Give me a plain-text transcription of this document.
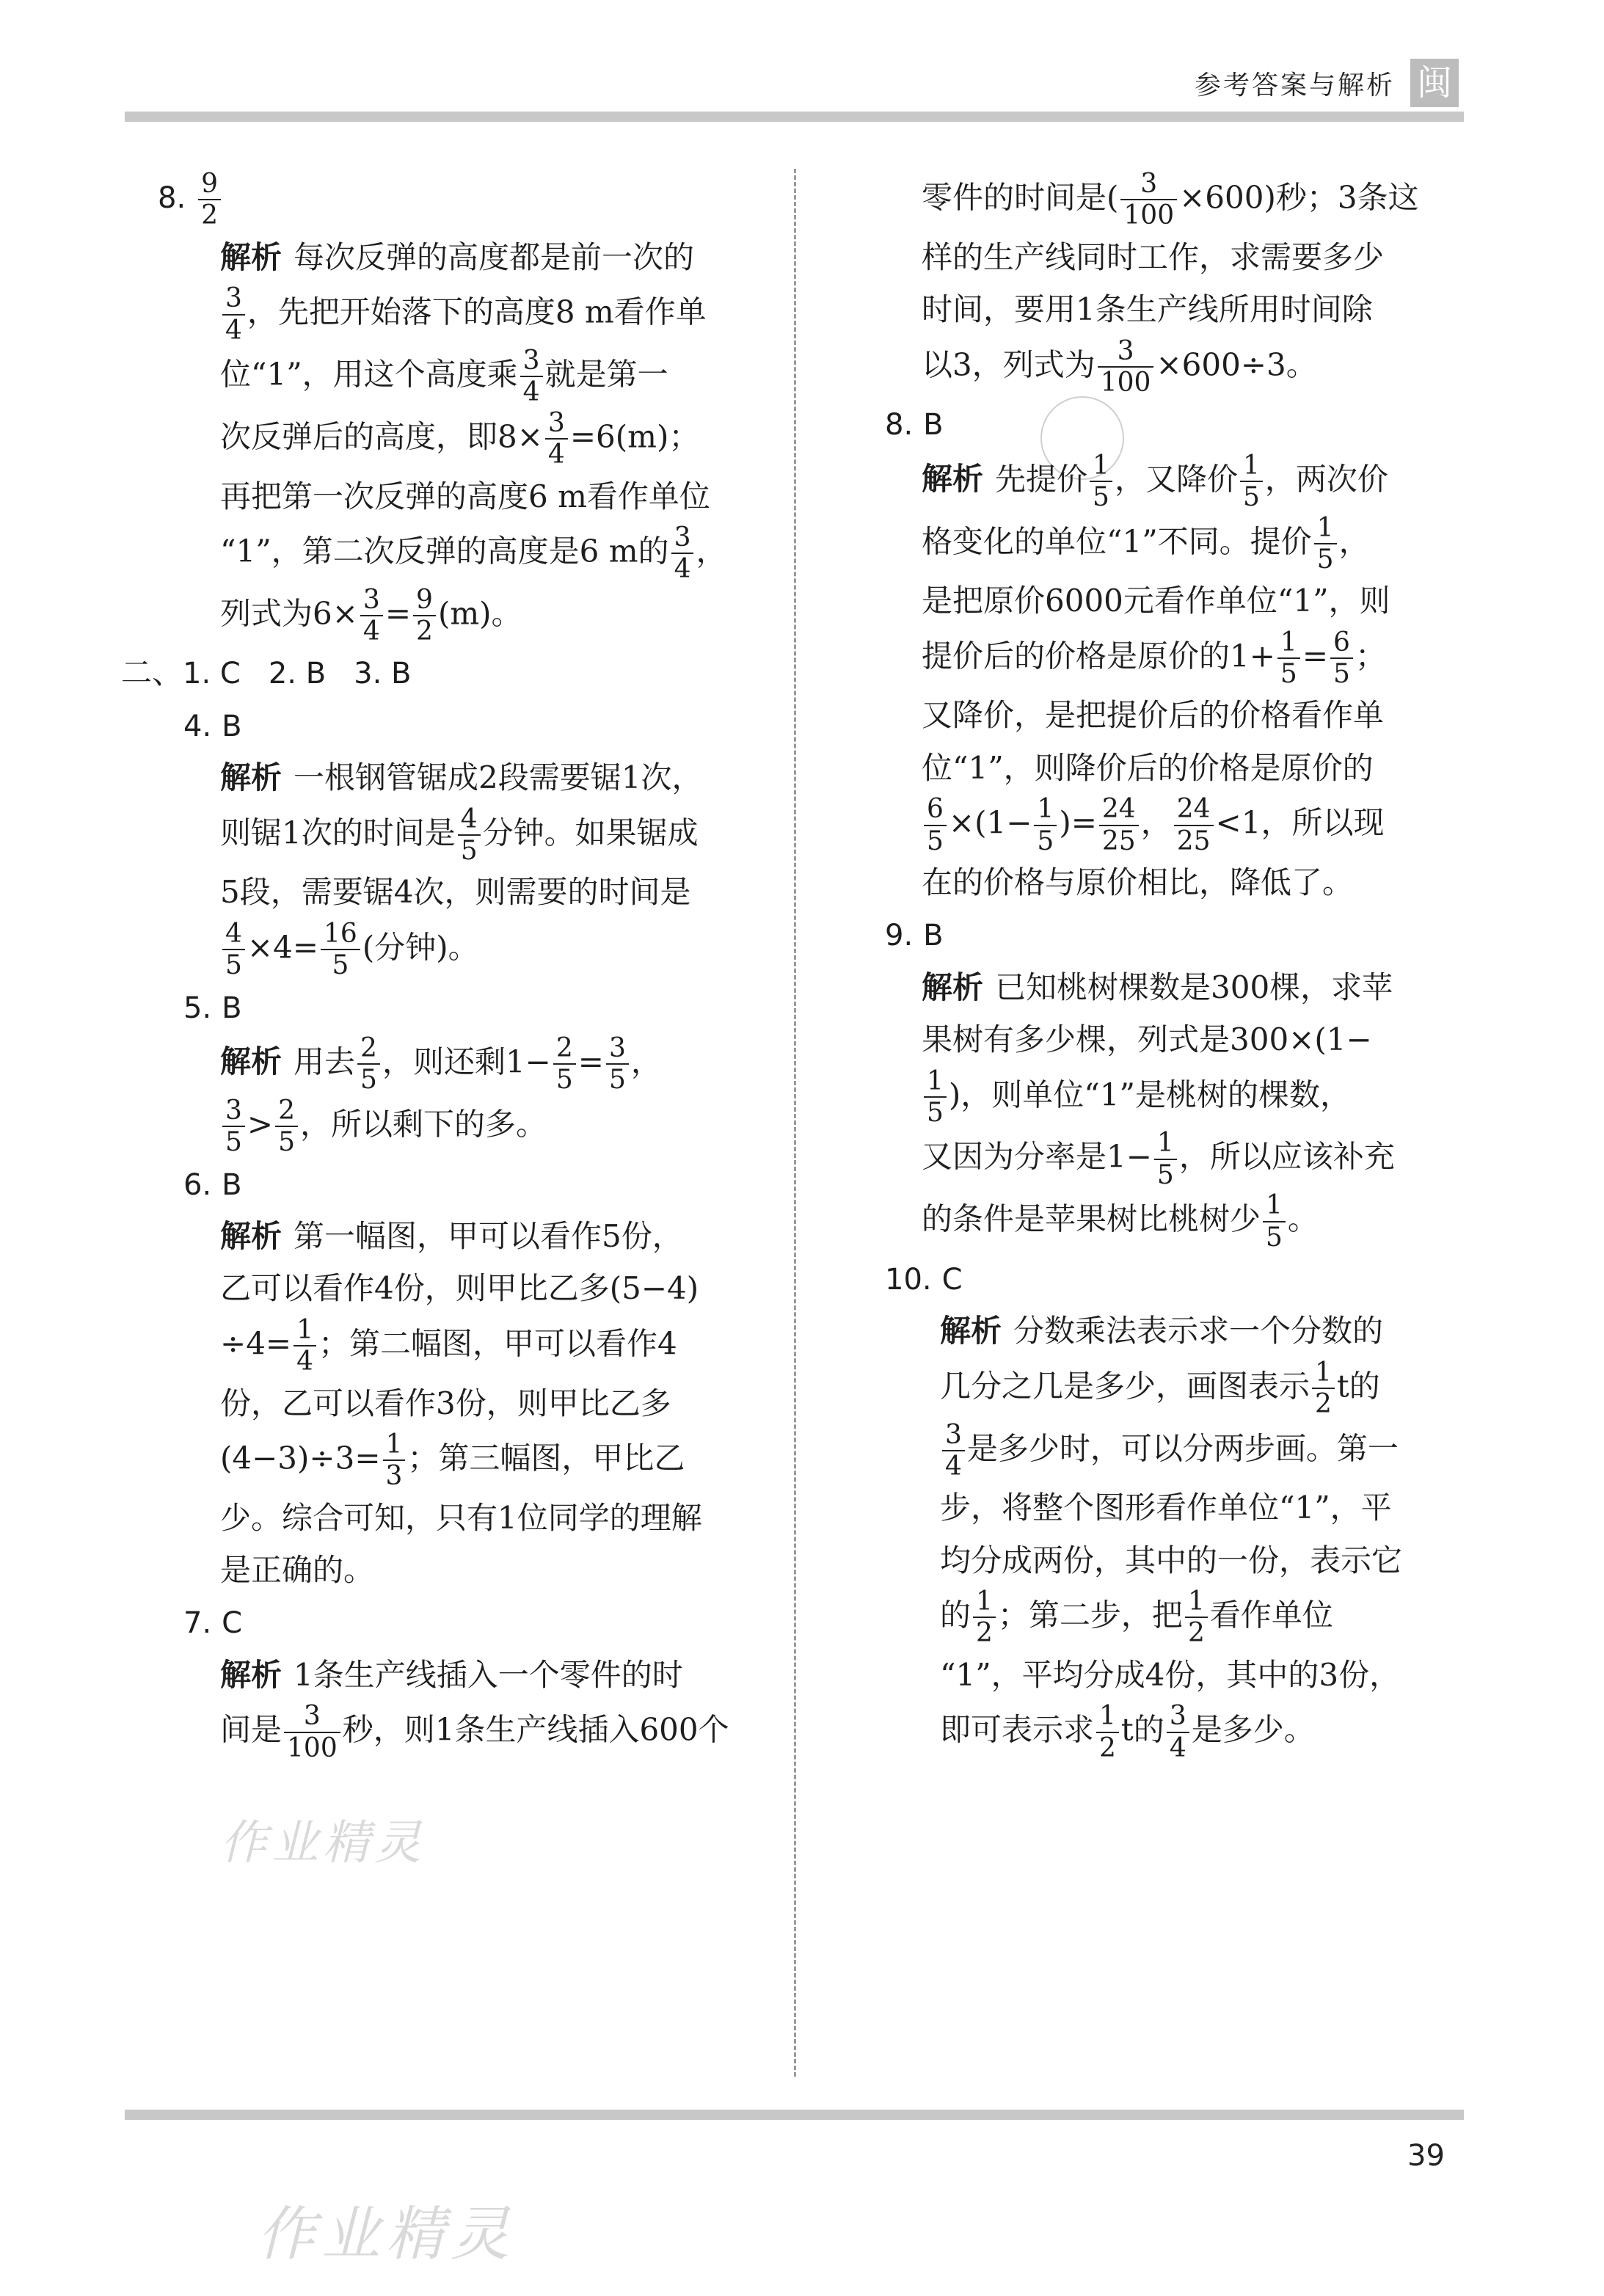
参考答案与解析 闽
作业精灵

8. $\frac{9}{2}$

解析 每次反弹的高度都是前一次的

$\frac{3}{4}$ ，先把开始落下的高度8 m看作单
位“1”，用这个高度乘 $\frac{3}{4}$ 就是第一
次反弹后的高度，即$8\times \frac{3}{4} =6(m)$；
再把第一次反弹的高度6 m看作单位
“1”，第二次反弹的高度是6 m的 $\frac{3}{4}$ ，
列式为$6\times \frac{3}{4} = \frac{9}{2} (m)$。

二、1. C 2. B 3. B

4. B

解析 一根钢管锯成2段需要锯1次，
则锯1次的时间是 $\frac{4}{5}$ 分钟。如果锯成
5段，需要锯4次，则需要的时间是

$\frac{4}{5} \times 4= \frac{16}{5}$ (分钟)。

5. B

解析 用去 $\frac{2}{5}$ ，则还剩$1- \frac{2}{5} = \frac{3}{5}$ ，

$\frac{3}{5} > \frac{2}{5}$ ，所以剩下的多。

6. B

解析 第一幅图，甲可以看作5份，
乙可以看作4份，则甲比乙多(5−4)
$\div 4= \frac{1}{4}$ ；第二幅图，甲可以看作4
份，乙可以看作3份，则甲比乙多
$(4-3)\div 3= \frac{1}{3}$ ；第三幅图，甲比乙
少。综合可知，只有1位同学的理解
是正确的。

7. C

解析 1条生产线插入一个零件的时
间是 $\frac{3}{100}$ 秒，则1条生产线插入600个

零件的时间是( $\frac{3}{100} \times 600$)秒；3条这
样的生产线同时工作，求需要多少
时间，要用1条生产线所用时间除
以3，列式为 $\frac{3}{100} \times 600\div 3$。

8. B

解析 先提价 $\frac{1}{5}$ ，又降价 $\frac{1}{5}$ ，两次价
格变化的单位“1”不同。提价 $\frac{1}{5}$ ，
是把原价6000元看作单位“1”，则
提价后的价格是原价的$1+ \frac{1}{5} = \frac{6}{5}$ ；
又降价，是把提价后的价格看作单
位“1”，则降价后的价格是原价的

$\frac{6}{5} \times(1- \frac{1}{5}$ )= $\frac{24}{25}$ ， $\frac{24}{25} <1$，所以现
在的价格与原价相比，降低了。

9. B

解析 已知桃树棵数是300棵，求苹
果树有多少棵，列式是300×(1−

$\frac{1}{5}$ )，则单位“1”是桃树的棵数，
又因为分率是$1- \frac{1}{5}$ ，所以应该补充
的条件是苹果树比桃树少 $\frac{1}{5}$ 。

10. C

解析 分数乘法表示求一个分数的
几分之几是多少，画图表示 $\frac{1}{2}$ t的

$\frac{3}{4}$ 是多少时，可以分两步画。第一
步，将整个图形看作单位“1”，平
均分成两份，其中的一份，表示它
的 $\frac{1}{2}$ ；第二步，把 $\frac{1}{2}$ 看作单位
“1”，平均分成4份，其中的3份，
即可表示求 $\frac{1}{2}$ t的 $\frac{3}{4}$ 是多少。

39
作业精灵
